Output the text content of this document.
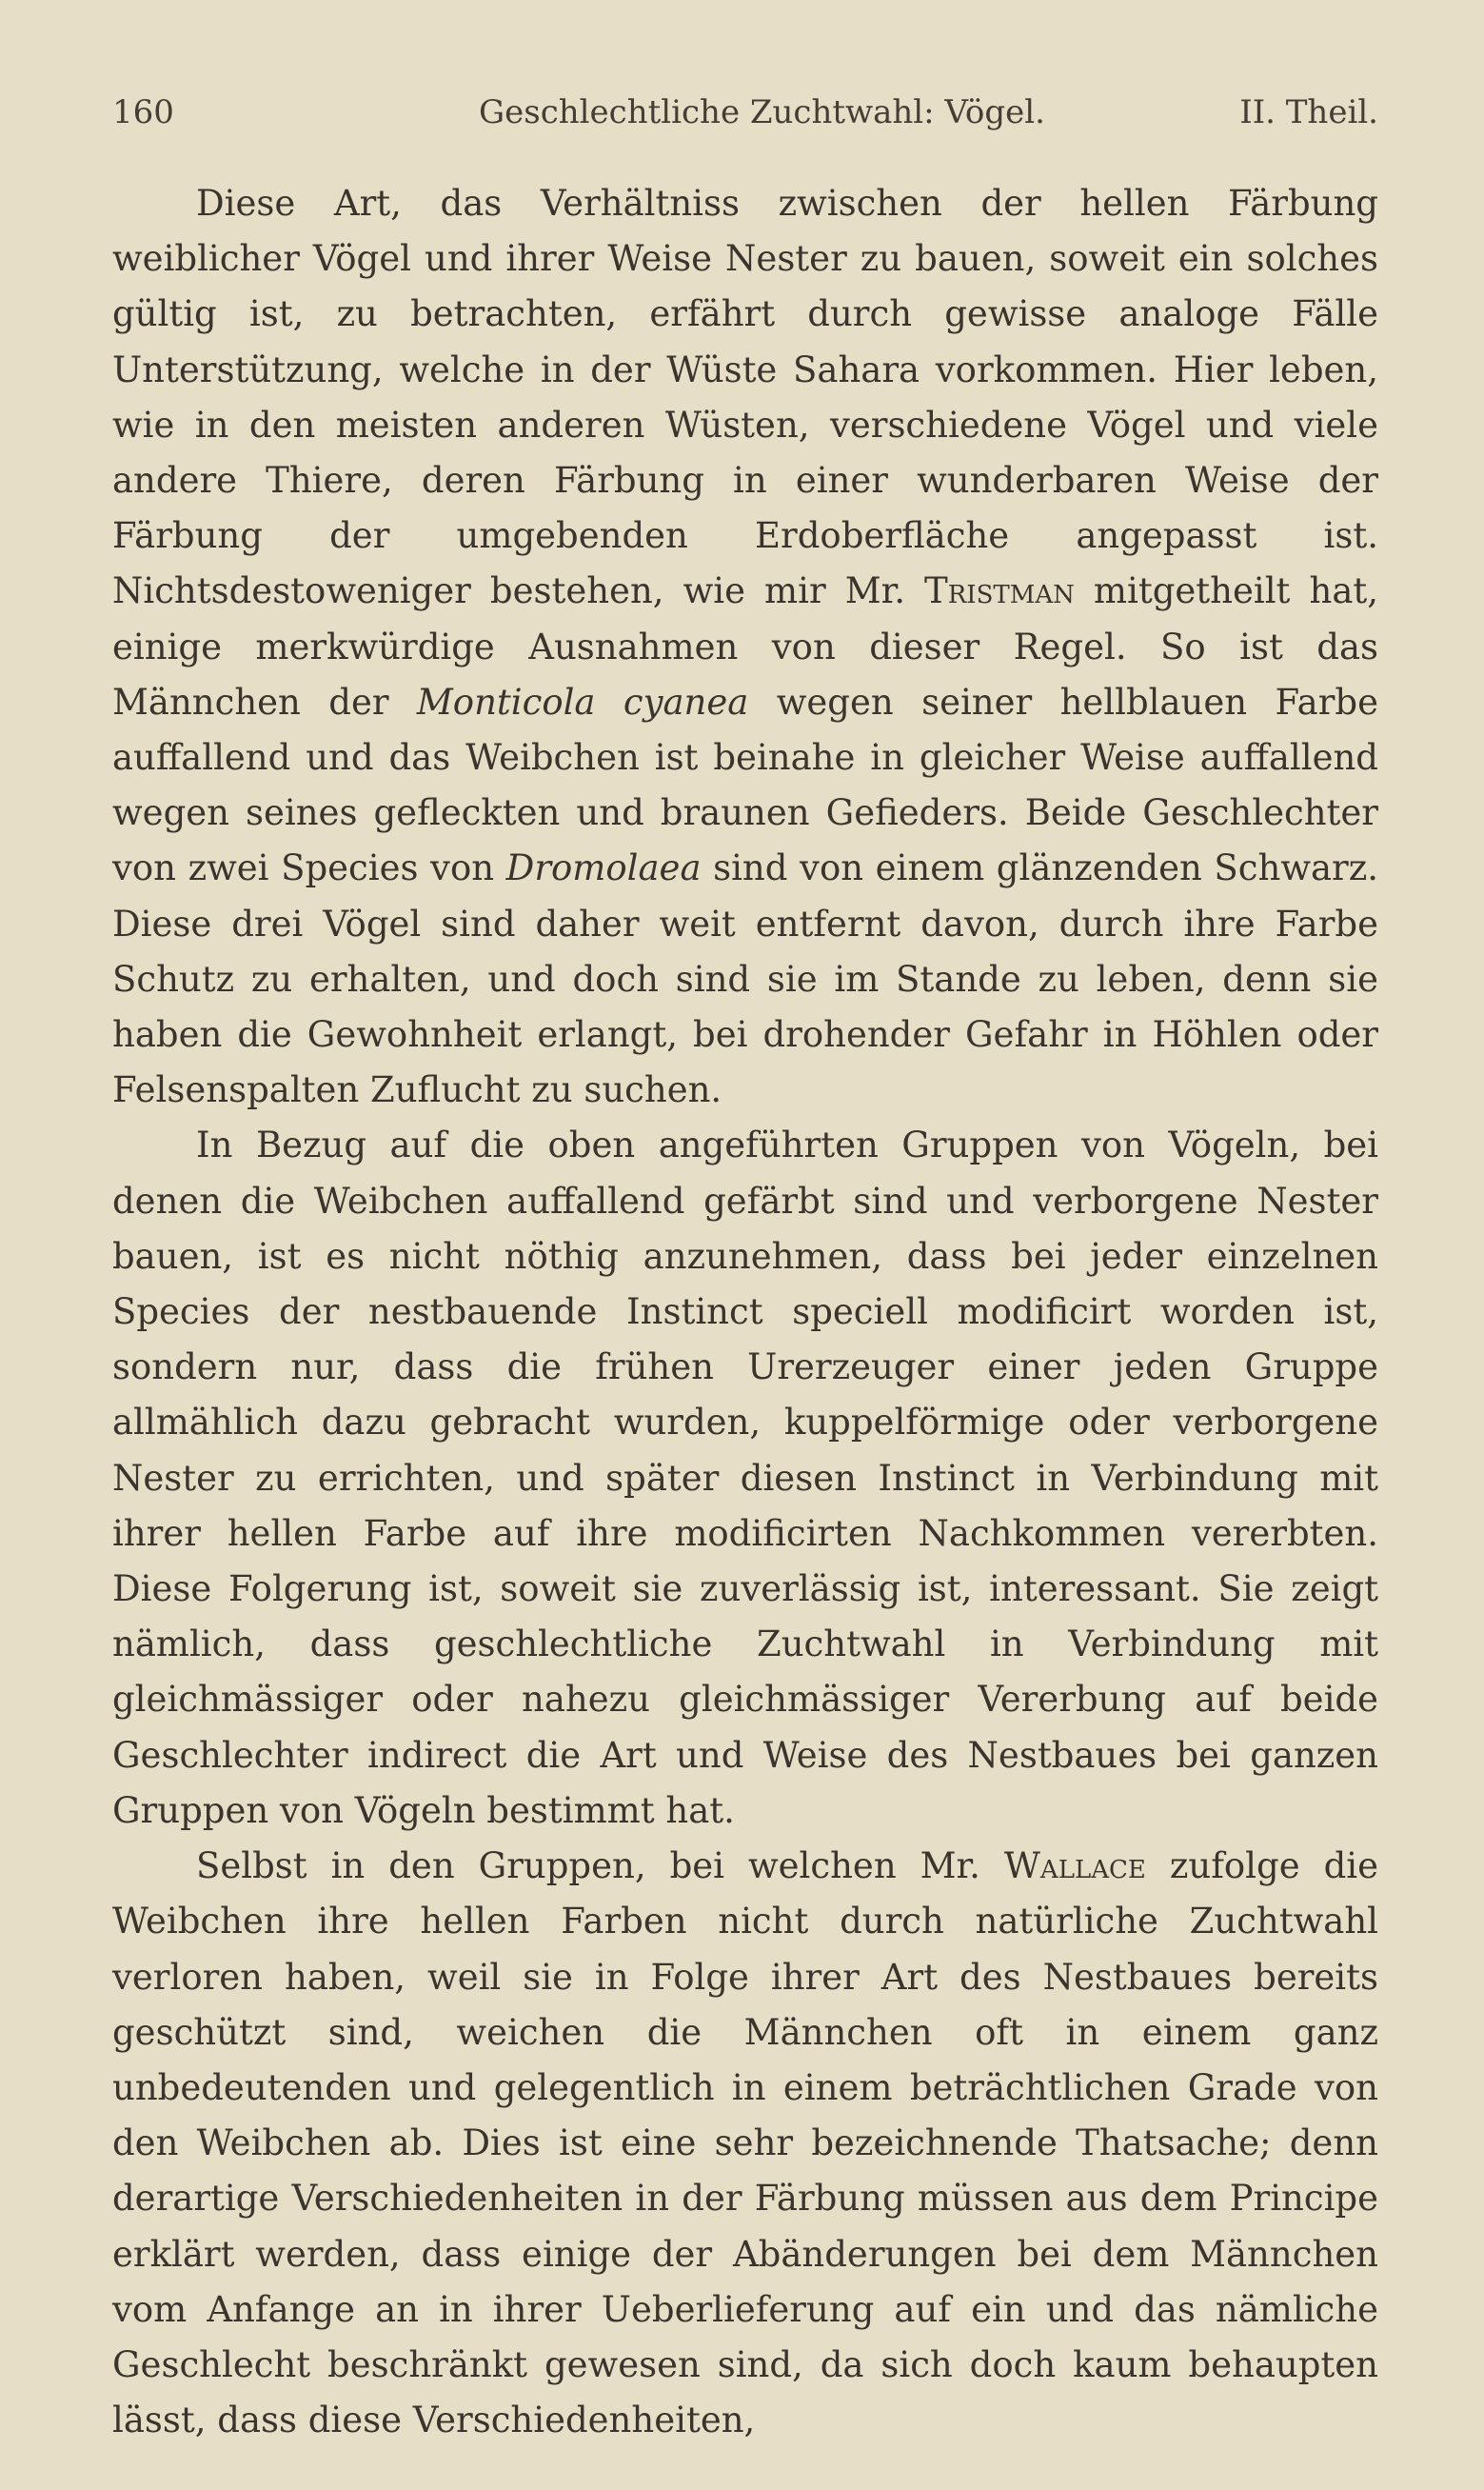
160	Geschlechtliche Zuchtwahl: Vögel.	II. Theil.

Diese Art, das Verhältniss zwischen der hellen Färbung weiblicher Vögel und ihrer Weise Nester zu bauen, soweit ein solches gültig ist, zu betrachten, erfährt durch gewisse analoge Fälle Unterstützung, welche in der Wüste Sahara vorkommen. Hier leben, wie in den meisten anderen Wüsten, verschiedene Vögel und viele andere Thiere, deren Färbung in einer wunderbaren Weise der Färbung der umgebenden Erdoberfläche angepasst ist. Nichtsdestoweniger bestehen, wie mir Mr. Tristman mitgetheilt hat, einige merkwürdige Ausnahmen von dieser Regel. So ist das Männchen der Monticola cyanea wegen seiner hellblauen Farbe auffallend und das Weibchen ist beinahe in gleicher Weise auffallend wegen seines gefleckten und braunen Gefieders. Beide Geschlechter von zwei Species von Dromolaea sind von einem glänzenden Schwarz. Diese drei Vögel sind daher weit entfernt davon, durch ihre Farbe Schutz zu erhalten, und doch sind sie im Stande zu leben, denn sie haben die Gewohnheit erlangt, bei drohender Gefahr in Höhlen oder Felsenspalten Zuflucht zu suchen.

In Bezug auf die oben angeführten Gruppen von Vögeln, bei denen die Weibchen auffallend gefärbt sind und verborgene Nester bauen, ist es nicht nöthig anzunehmen, dass bei jeder einzelnen Species der nestbauende Instinct speciell modificirt worden ist, sondern nur, dass die frühen Urerzeuger einer jeden Gruppe allmählich dazu gebracht wurden, kuppelförmige oder verborgene Nester zu errichten, und später diesen Instinct in Verbindung mit ihrer hellen Farbe auf ihre modificirten Nachkommen vererbten. Diese Folgerung ist, soweit sie zuverlässig ist, interessant. Sie zeigt nämlich, dass geschlechtliche Zuchtwahl in Verbindung mit gleichmässiger oder nahezu gleichmässiger Vererbung auf beide Geschlechter indirect die Art und Weise des Nestbaues bei ganzen Gruppen von Vögeln bestimmt hat.

Selbst in den Gruppen, bei welchen Mr. Wallace zufolge die Weibchen ihre hellen Farben nicht durch natürliche Zuchtwahl verloren haben, weil sie in Folge ihrer Art des Nestbaues bereits geschützt sind, weichen die Männchen oft in einem ganz unbedeutenden und gelegentlich in einem beträchtlichen Grade von den Weibchen ab. Dies ist eine sehr bezeichnende Thatsache; denn derartige Verschiedenheiten in der Färbung müssen aus dem Principe erklärt werden, dass einige der Abänderungen bei dem Männchen vom Anfange an in ihrer Ueberlieferung auf ein und das nämliche Geschlecht beschränkt gewesen sind, da sich doch kaum behaupten lässt, dass diese Verschiedenheiten,
